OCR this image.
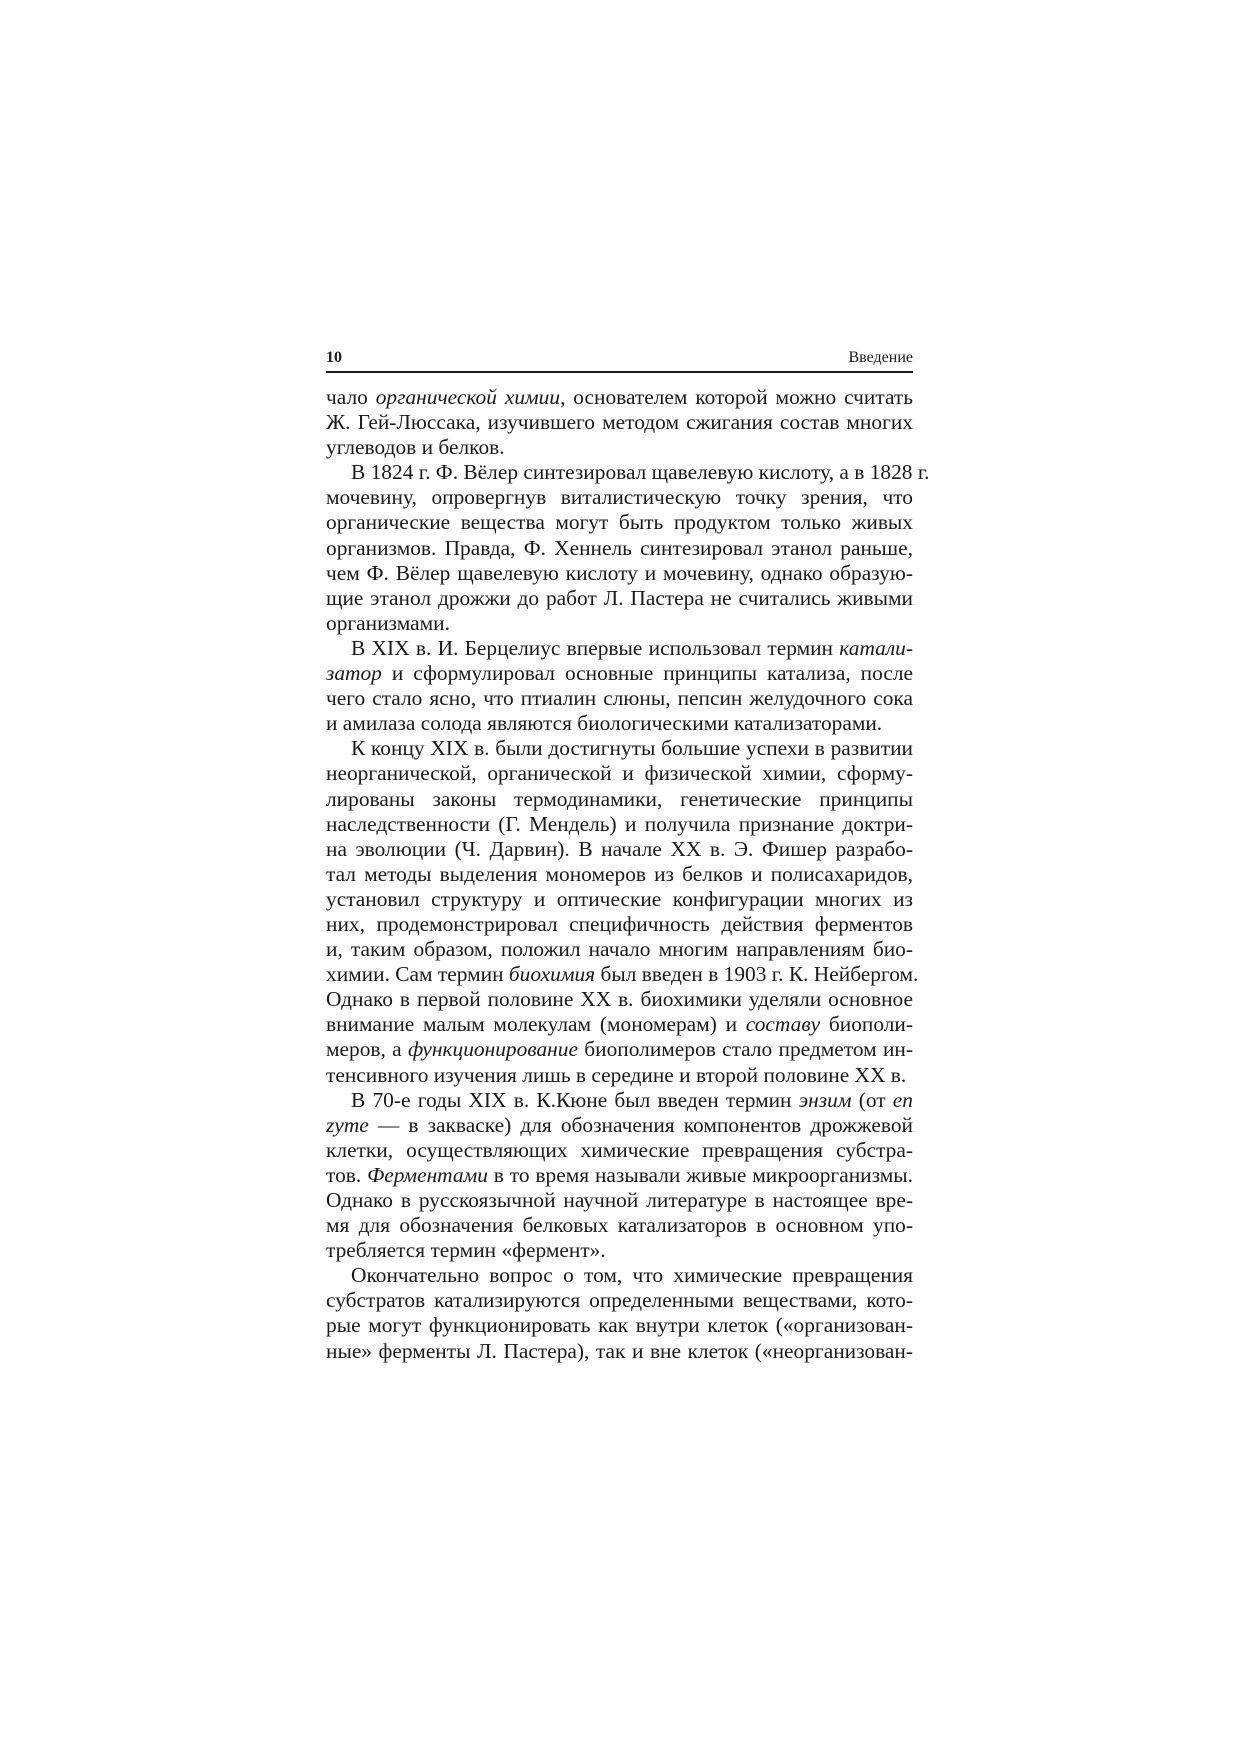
10	Введение
чало органической химии, основателем которой можно считать
Ж. Гей-Люссака, изучившего методом сжигания состав многих
углеводов и белков.
В 1824 г. Ф. Вёлер синтезировал щавелевую кислоту, а в 1828 г.
мочевину, опровергнув виталистическую точку зрения, что
органические вещества могут быть продуктом только живых
организмов. Правда, Ф. Хеннель синтезировал этанол раньше,
чем Ф. Вёлер щавелевую кислоту и мочевину, однако образую-
щие этанол дрожжи до работ Л. Пастера не считались живыми
организмами.
В XIX в. И. Берцелиус впервые использовал термин катали-
затор и сформулировал основные принципы катализа, после
чего стало ясно, что птиалин слюны, пепсин желудочного сока
и амилаза солода являются биологическими катализаторами.
К концу XIX в. были достигнуты большие успехи в развитии
неорганической, органической и физической химии, сформу-
лированы законы термодинамики, генетические принципы
наследственности (Г. Мендель) и получила признание доктри-
на эволюции (Ч. Дарвин). В начале XX в. Э. Фишер разрабо-
тал методы выделения мономеров из белков и полисахаридов,
установил структуру и оптические конфигурации многих из
них, продемонстрировал специфичность действия ферментов
и, таким образом, положил начало многим направлениям био-
химии. Сам термин биохимия был введен в 1903 г. К. Нейбергом.
Однако в первой половине XX в. биохимики уделяли основное
внимание малым молекулам (мономерам) и составу биополи-
меров, а функционирование биополимеров стало предметом ин-
тенсивного изучения лишь в середине и второй половине XX в.
В 70-е годы XIX в. К.Кюне был введен термин энзим (от en
zyme — в закваске) для обозначения компонентов дрожжевой
клетки, осуществляющих химические превращения субстра-
тов. Ферментами в то время называли живые микроорганизмы.
Однако в русскоязычной научной литературе в настоящее вре-
мя для обозначения белковых катализаторов в основном упо-
требляется термин «фермент».
Окончательно вопрос о том, что химические превращения
субстратов катализируются определенными веществами, кото-
рые могут функционировать как внутри клеток («организован-
ные» ферменты Л. Пастера), так и вне клеток («неорганизован-
